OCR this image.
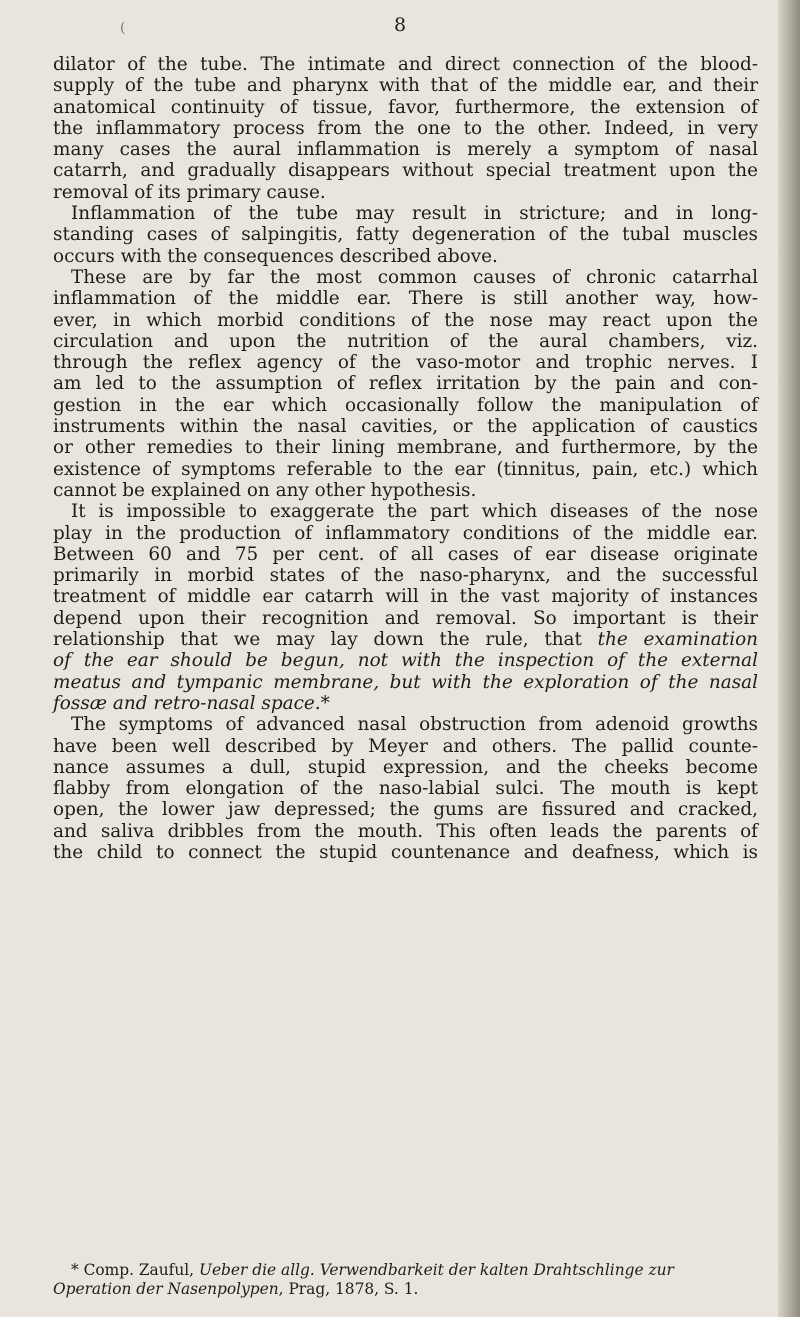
(	8
dilator of the tube. The intimate and direct connection of the blood-
supply of the tube and pharynx with that of the middle ear, and their
anatomical continuity of tissue, favor, furthermore, the extension of
the inflammatory process from the one to the other. Indeed, in very
many cases the aural inflammation is merely a symptom of nasal
catarrh, and gradually disappears without special treatment upon the
removal of its primary cause.
Inflammation of the tube may result in stricture; and in long-
standing cases of salpingitis, fatty degeneration of the tubal muscles
occurs with the consequences described above.
These are by far the most common causes of chronic catarrhal
inflammation of the middle ear. There is still another way, how-
ever, in which morbid conditions of the nose may react upon the
circulation and upon the nutrition of the aural chambers, viz.
through the reflex agency of the vaso-motor and trophic nerves. I
am led to the assumption of reflex irritation by the pain and con-
gestion in the ear which occasionally follow the manipulation of
instruments within the nasal cavities, or the application of caustics
or other remedies to their lining membrane, and furthermore, by the
existence of symptoms referable to the ear (tinnitus, pain, etc.) which
cannot be explained on any other hypothesis.
It is impossible to exaggerate the part which diseases of the nose
play in the production of inflammatory conditions of the middle ear.
Between 60 and 75 per cent. of all cases of ear disease originate
primarily in morbid states of the naso-pharynx, and the successful
treatment of middle ear catarrh will in the vast majority of instances
depend upon their recognition and removal. So important is their
relationship that we may lay down the rule, that the examination
of the ear should be begun, not with the inspection of the external
meatus and tympanic membrane, but with the exploration of the nasal
fossæ and retro-nasal space.*
The symptoms of advanced nasal obstruction from adenoid growths
have been well described by Meyer and others. The pallid counte-
nance assumes a dull, stupid expression, and the cheeks become
flabby from elongation of the naso-labial sulci. The mouth is kept
open, the lower jaw depressed; the gums are fissured and cracked,
and saliva dribbles from the mouth. This often leads the parents of
the child to connect the stupid countenance and deafness, which is
* Comp. Zauful, Ueber die allg. Verwendbarkeit der kalten Drahtschlinge zur
Operation der Nasenpolypen, Prag, 1878, S. 1.
